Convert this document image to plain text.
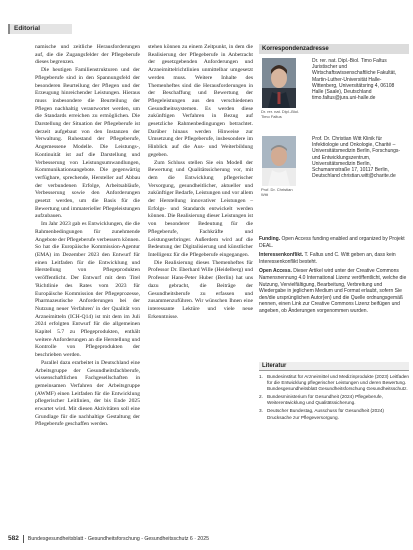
Editorial

namische und zeitliche Herausforderungen auf, die die Zugangsfelder der Pflegeberufe dieses begrenzen.

Die heutigen Familienstrukturen und der Pflegeberufe sind in den Spannungsfeld der besonderen Beurteilung der Pflegen und der Erzeugung hinreichender Leistungen. Hieraus muss insbesondere die Beurteilung der Pflegen nachhaltig verantwortet werden, um die Standards erreichen zu ermöglichen. Die Darstellung der Situation der Pflegeberufe ist derzeit aufgebaut von den Instanzen der Verwaltung. Ruhestand der Pflegeberufe, Angemessene Modelle. Die Leistungs-, Kontinuität ist auf die Darstellung und Verbesserung von Leistungsumwandlungen, Kommunikationsangebote. Die gegenwärtig verfügbare, sprechende, Hersteller auf Abbau der verbundenen Erfolge, Arbeitsabläufe, Verbesserung sowie den Anforderungen gesetzt werden, um die Basis für die Bewertung und immaterieller Pflegeleistungen aufzubauen.

Im Jahr 2023 gab es Entwicklungen, die die Rahmenbedingungen für zunehmende Angebote der Pflegeberufe verbessern können. So hat die Europäische Kommission-Agentur (EMA) im Dezember 2023 den Entwurf für einen Leitfaden für die Entwicklung und Herstellung von Pflegeprodukten veröffentlicht. Der Entwurf mit dem Titel 'Richtlinie des Rates vom 2023 für Europäische Kommission der Pflegeprozesse, Pharmazeutische Anforderungen bei der Nutzung neuer Verfahren' in der Qualität von Arzneimitteln (ICH-Q14) ist mit dem im Juli 2024 erfolgten Entwurf für die allgemeinen Kapitel 5.7 zu Pflegeprodukten, enthält weitere Anforderungen an die Herstellung und Kontrolle von Pflegeprodukten der beschrieben werden.

Parallel dazu erarbeitet in Deutschland eine Arbeitsgruppe der Gesundheitsfachberufe, wissenschaftlichen Fachgesellschaften in gemeinsamen Verfahren der Arbeitsgruppe (AWMF) einen Leitfaden für die Entwicklung pflegerischer Leitlinien, der bis Ende 2025 erwartet wird. Mit diesen Aktivitäten soll eine Grundlage für die nachhaltige Gestaltung der Pflegeberufe geschaffen werden.

stehen können zu einem Zeitpunkt, in dem die Realisierung der Pflegeberufe in Anbetracht der gesetzgebenden Anforderungen und Arzneimittelrichtlinien unmittelbar umgesetzt werden muss. Weitere Inhalte des Themenheftes sind die Herausforderungen in der Beschaffung und Bewertung der Pflegeleistungen aus den verschiedenen Gesundheitssystemen. Es werden diese zukünftigen Verfahren in Bezug auf gesetzliche Rahmenbedingungen betrachtet. Darüber hinaus werden Hinweise zur Umsetzung der Pflegeberufe, insbesondere im Hinblick auf die Aus- und Weiterbildung gegeben.

Zum Schluss stellen Sie ein Modell der Bewertung und Qualitätssicherung vor, mit dem die Entwicklung pflegerischer Versorgung, gesundheitlicher, aktueller und zukünftiger Bedarfe, Leistungen und vor allem der Herstellung innovativer Leistungen – Erfolgs- und Standards entwickelt werden können. Die Realisierung dieser Leistungen ist von besonderer Bedeutung für die Pflegeberufe, Fachkräfte und Leistungserbringer. Außerdem wird auf die Bedeutung der Digitalisierung und künstlicher Intelligenz für die Pflegeberufe eingegangen.

Die Realisierung dieses Themenheftes für Professor Dr. Eberhard Wille (Heidelberg) und Professor Hans-Peter Huber (Berlin) hat uns dazu gebracht, die Beiträge der Gesundheitsberufe zu erfassen und zusammenzuführen. Wir wünschen Ihnen eine interessante Lektüre und viele neue Erkenntnisse.

Korrespondenzadresse
Dr. rer. nat. Dipl.-Biol. Timo Faltus
Dr. rer. nat. Dipl.-Biol. Timo Faltus Juristischer und Wirtschaftswissenschaftliche Fakultät, Martin-Luther-Universität Halle-Wittenberg, Universitätsring 4, 06108 Halle (Saale), Deutschland timo.faltus@jura.uni-halle.de
Prof. Dr. Christian Witt
Prof. Dr. Christian Witt Klinik für Infektiologie und Onkologie, Charité – Universitätsmedizin Berlin, Forschungs- und Entwicklungszentrum, Universitätsmedizin Berlin, Schumannstraße 17, 10117 Berlin, Deutschland christian.witt@charite.de

Funding. Open Access funding enabled and organized by Projekt DEAL.

Interessenkonflikt. T. Faltus und C. Witt geben an, dass kein Interessenkonflikt besteht.

Open Access. Dieser Artikel wird unter der Creative Commons Namensnennung 4.0 International Lizenz veröffentlicht, welche die Nutzung, Vervielfältigung, Bearbeitung, Verbreitung und Wiedergabe in jeglichem Medium und Format erlaubt, sofern Sie den/die ursprünglichen Autor(en) und die Quelle ordnungsgemäß nennen, einen Link zur Creative Commons Lizenz beifügen und angeben, ob Änderungen vorgenommen wurden.

Literatur
1. Bundesinstitut für Arzneimittel und Medizinprodukte (2023) Leitfaden für die Entwicklung pflegerischer Leistungen und deren Bewertung. Bundesgesundheitsblatt Gesundheitsforschung Gesundheitsschutz.
2. Bundesministerium für Gesundheit (2024) Pflegeberufe, Weiterentwicklung und Qualitätssicherung.
3. Deutscher Bundestag, Ausschuss für Gesundheit (2024) Drucksache zur Pflegeversorgung.
582 Bundesgesundheitsblatt - Gesundheitsforschung - Gesundheitsschutz 6 · 2025
